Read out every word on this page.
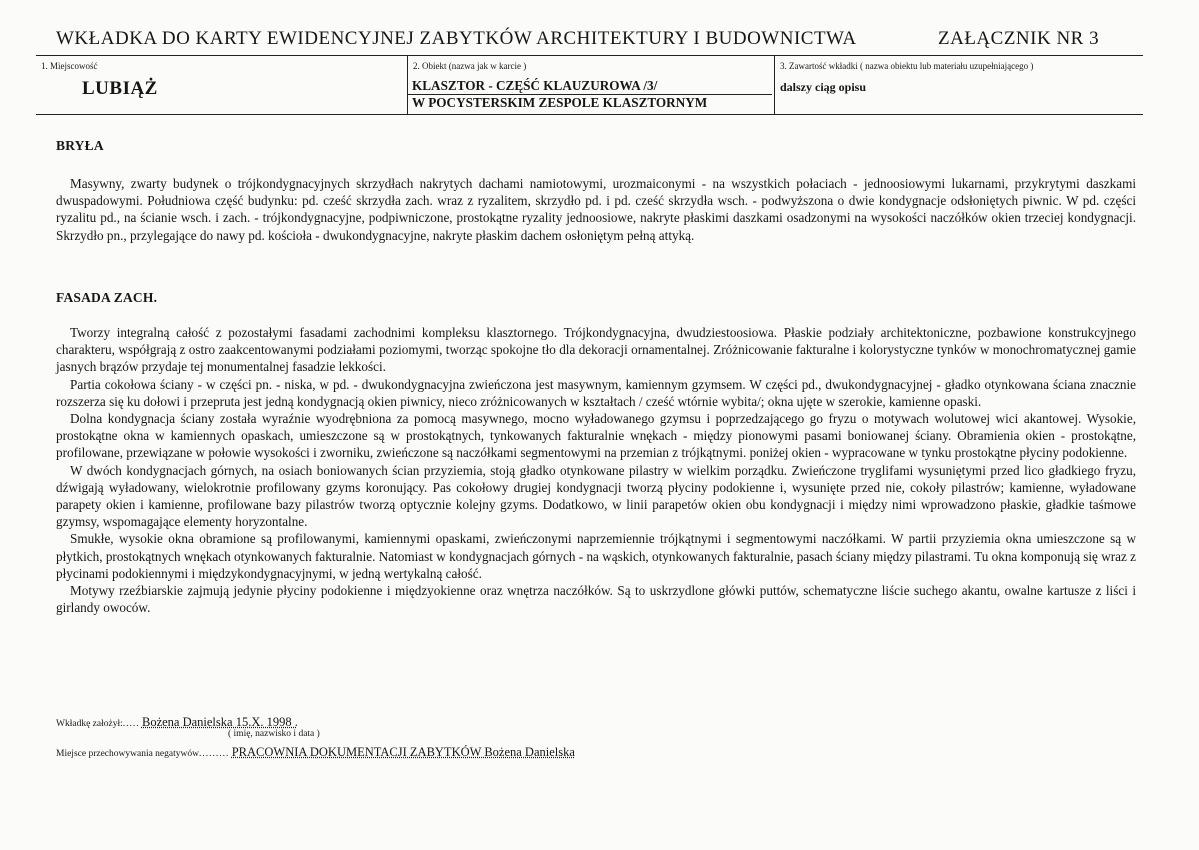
WKŁADKA DO KARTY EWIDENCYJNEJ ZABYTKÓW ARCHITEKTURY I BUDOWNICTWA	ZAŁĄCZNIK NR 3
1. Miejscowość
LUBIĄŻ
2. Obiekt (nazwa jak w karcie )
KLASZTOR - CZĘŚĆ KLAUZUROWA /3/
W POCYSTERSKIM ZESPOLE KLASZTORNYM
3. Zawartość wkładki ( nazwa obiektu lub materiału uzupełniającego )
dalszy ciąg opisu
BRYŁA

Masywny, zwarty budynek o trójkondygnacyjnych skrzydłach nakrytych dachami namiotowymi, urozmaiconymi - na wszystkich połaciach - jednoosiowymi lukarnami, przykrytymi daszkami dwuspadowymi. Południowa część budynku: pd. cześć skrzydła zach. wraz z ryzalitem, skrzydło pd. i pd. cześć skrzydła wsch. - podwyższona o dwie kondygnacje odsłoniętych piwnic. W pd. części ryzalitu pd., na ścianie wsch. i zach. - trójkondygnacyjne, podpiwniczone, prostokątne ryzality jednoosiowe, nakryte płaskimi daszkami osadzonymi na wysokości naczółków okien trzeciej kondygnacji. Skrzydło pn., przylegające do nawy pd. kościoła - dwukondygnacyjne, nakryte płaskim dachem osłoniętym pełną attyką.

FASADA ZACH.

Tworzy integralną całość z pozostałymi fasadami zachodnimi kompleksu klasztornego. Trójkondygnacyjna, dwudziestoosiowa. Płaskie podziały architektoniczne, pozbawione konstrukcyjnego charakteru, współgrają z ostro zaakcentowanymi podziałami poziomymi, tworząc spokojne tło dla dekoracji ornamentalnej. Zróżnicowanie fakturalne i kolorystyczne tynków w monochromatycznej gamie jasnych brązów przydaje tej monumentalnej fasadzie lekkości.

Partia cokołowa ściany - w części pn. - niska, w pd. - dwukondygnacyjna zwieńczona jest masywnym, kamiennym gzymsem. W części pd., dwukondygnacyjnej - gładko otynkowana ściana znacznie rozszerza się ku dołowi i przeprutа jest jedną kondygnacją okien piwnicy, nieco zróżnicowanych w kształtach / cześć wtórnie wybita/; okna ujęte w szerokie, kamienne opaski.

Dolna kondygnacja ściany została wyraźnie wyodrębniona za pomocą masywnego, mocno wyładowanego gzymsu i poprzedzającego go fryzu o motywach wolutowej wici akantowej. Wysokie, prostokątne okna w kamiennych opaskach, umieszczone są w prostokątnych, tynkowanych fakturalnie wnękach - między pionowymi pasami boniowanej ściany. Obramienia okien - prostokątne, profilowane, przewiązane w połowie wysokości i zworniku, zwieńczone są naczółkami segmentowymi na przemian z trójkątnymi. poniżej okien - wypracowane w tynku prostokątne płyciny podokienne.

W dwóch kondygnacjach górnych, na osiach boniowanych ścian przyziemia, stoją gładko otynkowane pilastry w wielkim porządku. Zwieńczone tryglifami wysuniętymi przed lico gładkiego fryzu, dźwigają wyładowany, wielokrotnie profilowany gzyms koronujący. Pas cokołowy drugiej kondygnacji tworzą płyciny podokienne i, wysunięte przed nie, cokoły pilastrów; kamienne, wyładowane parapety okien i kamienne, profilowane bazy pilastrów tworzą optycznie kolejny gzyms. Dodatkowo, w linii parapetów okien obu kondygnacji i między nimi wprowadzono płaskie, gładkie taśmowe gzymsy, wspomagające elementy horyzontalne.

Smukłe, wysokie okna obramione są profilowanymi, kamiennymi opaskami, zwieńczonymi naprzemiennie trójkątnymi i segmentowymi naczółkami. W partii przyziemia okna umieszczone są w płytkich, prostokątnych wnękach otynkowanych fakturalnie. Natomiast w kondygnacjach górnych - na wąskich, otynkowanych fakturalnie, pasach ściany między pilastrami. Tu okna komponują się wraz z płycinami podokiennymi i międzykondygnacyjnymi, w jedną wertykalną całość.

Motywy rzeźbiarskie zajmują jedynie płyciny podokienne i międzyokienne oraz wnętrza naczółków. Są to uskrzydlone główki puttów, schematyczne liście suchego akantu, owalne kartusze z liści i girlandy owoców.

Wkładkę założył:..... Bożena Danielska 15.X. 1998 .
( imię, nazwisko i data )
Miejsce przechowywania negatywów......... PRACOWNIA DOKUMENTACJI ZABYTKÓW Bożena Danielska
